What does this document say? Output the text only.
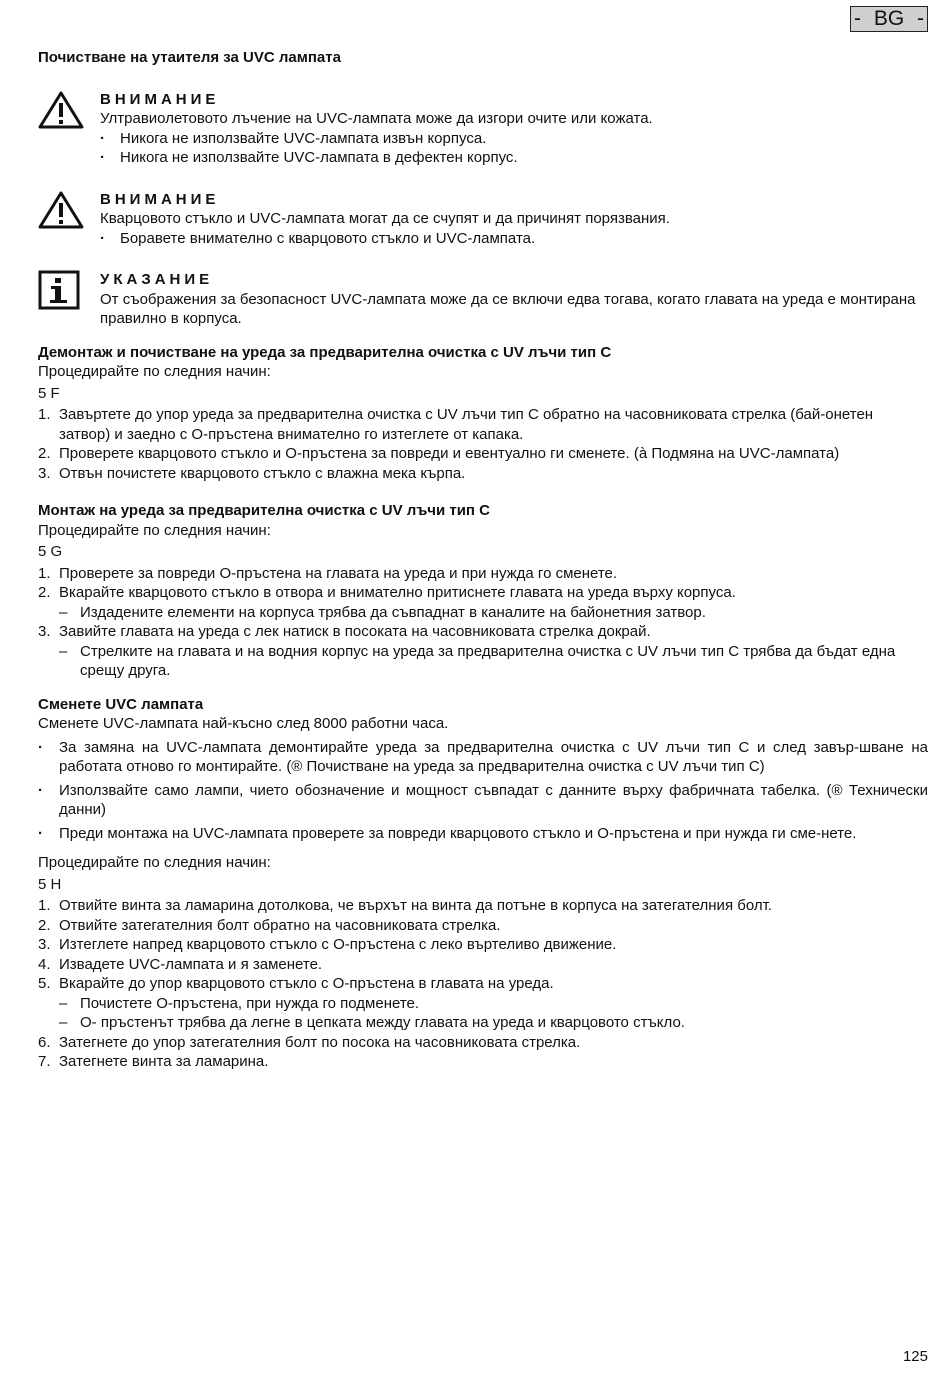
- BG -

Почистване на утаителя за UVC лампата

ВНИМАНИЕ

Ултравиолетовото лъчение на UVC-лампата може да изгори очите или кожата.

· Никога не използвайте UVC-лампата извън корпуса.
· Никога не използвайте UVC-лампата в дефектен корпус.
ВНИМАНИЕ

Кварцовото стъкло и UVC-лампата могат да се счупят и да причинят порязвания.

· Боравете внимателно с кварцовото стъкло и UVC-лампата.
УКАЗАНИЕ

От съображения за безопасност UVC-лампата може да се включи едва тогава, когато главата на уреда е монтирана правилно в корпуса.

Демонтаж и почистване на уреда за предварителна очистка с UV лъчи тип C

Процедирайте по следния начин:

5 F

1. Завъртете до упор уреда за предварителна очистка с UV лъчи тип C обратно на часовниковата стрелка (бай-онетен затвор) и заедно с O-пръстена внимателно го изтеглете от капака.
2. Проверете кварцовото стъкло и O-пръстена за повреди и евентуално ги сменете. (à Подмяна на UVC-лампата)
3. Отвън почистете кварцовото стъкло с влажна мека кърпа.

Монтаж на уреда за предварителна очистка с UV лъчи тип C

Процедирайте по следния начин:

5 G

1. Проверете за повреди O-пръстена на главата на уреда и при нужда го сменете.
2. Вкарайте кварцовото стъкло в отвора и внимателно притиснете главата на уреда върху корпуса.
– Издадените елементи на корпуса трябва да съвпаднат в каналите на байонетния затвор.
3. Завийте главата на уреда с лек натиск в посоката на часовниковата стрелка докрай.
– Стрелките на главата и на водния корпус на уреда за предварителна очистка с UV лъчи тип C трябва да бъдат една срещу друга.

Сменете UVC лампата

Сменете UVC-лампата най-късно след 8000 работни часа.

· За замяна на UVC-лампата демонтирайте уреда за предварителна очистка с UV лъчи тип C и след завър-шване на работата отново го монтирайте. (® Почистване на уреда за предварителна очистка с UV лъчи тип C)
· Използвайте само лампи, чието обозначение и мощност съвпадат с данните върху фабричната табелка. (® Технически данни)
· Преди монтажа на UVC-лампата проверете за повреди кварцовото стъкло и O-пръстена и при нужда ги сме-нете.

Процедирайте по следния начин:

5 H

1. Отвийте винта за ламарина дотолкова, че върхът на винта да потъне в корпуса на затегателния болт.
2. Отвийте затегателния болт обратно на часовниковата стрелка.
3. Изтеглете напред кварцовото стъкло с O-пръстена с леко въртеливо движение.
4. Извадете UVC-лампата и я заменете.
5. Вкарайте до упор кварцовото стъкло с O-пръстена в главата на уреда.
– Почистете O-пръстена, при нужда го подменете.
– O- пръстенът трябва да легне в цепката между главата на уреда и кварцовото стъкло.
6. Затегнете до упор затегателния болт по посока на часовниковата стрелка.
7. Затегнете винта за ламарина.
125
